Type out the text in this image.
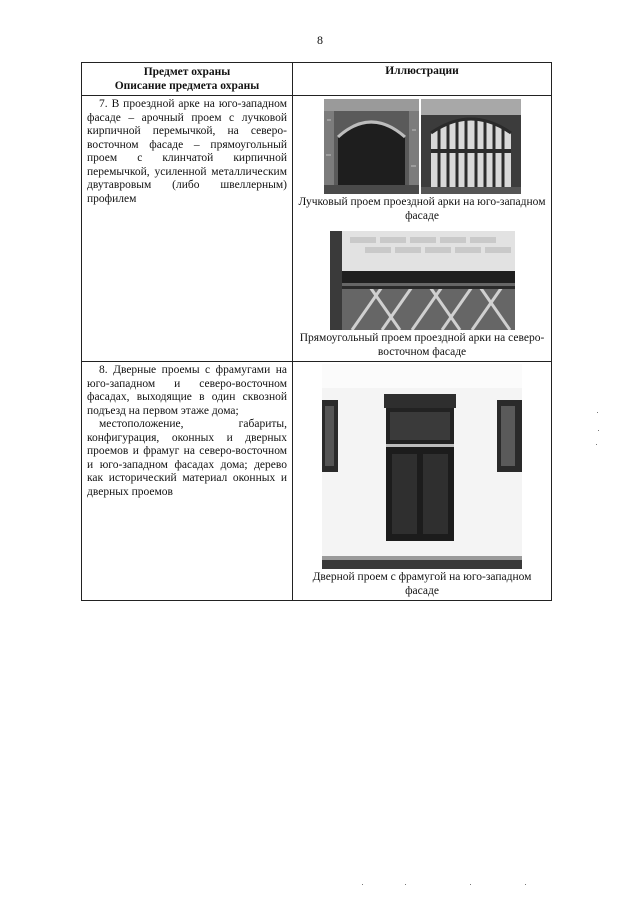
8
Предмет охраны
Описание предмета охраны	Иллюстрации

7. В проездной арке на юго-западном фасаде – арочный проем с лучковой кирпичной перемычкой, на северо-восточном фасаде – прямоугольный проем с клинчатой кирпичной перемычкой, усиленной металлическим двутавровым (либо швеллерным) профилем	Лучковый проем проездной арки на юго-западном фасаде
Прямоугольный проем проездной арки на северо-восточном фасаде

8. Дверные проемы с фрамугами на юго-западном и северо-восточном фасадах, выходящие в один сквозной подъезд на первом этаже дома;

местоположение, габариты, конфигурация, оконных и дверных проемов и фрамуг на северо-восточном и юго-западном фасадах дома; дерево как исторический материал оконных и дверных проемов	Дверной проем с фрамугой на юго-западном фасаде
